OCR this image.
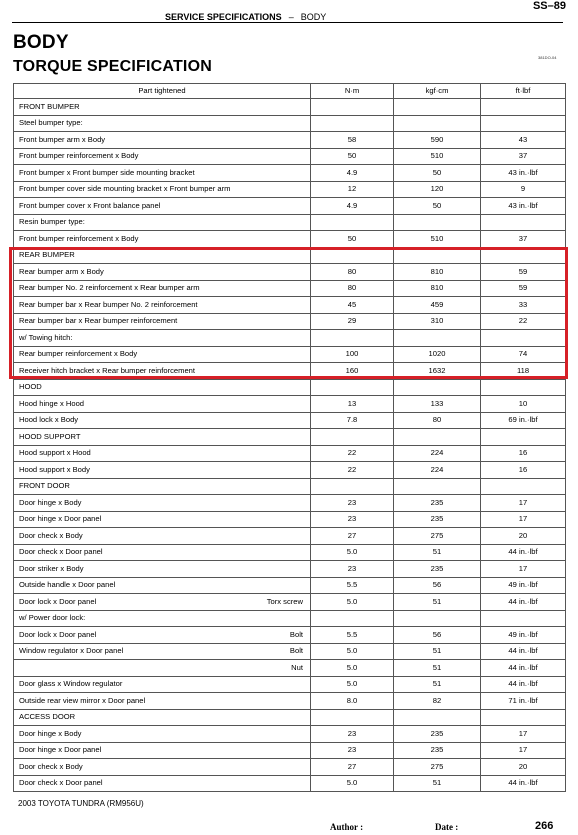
SERVICE SPECIFICATIONS – BODY
SS–89
BODY
TORQUE SPECIFICATION
381DO-04
Part tightened	N·m	kgf·cm	ft·lbf
FRONT BUMPER			
Steel bumper type:			

Front bumper arm x Body	58	590	43

Front bumper reinforcement x Body	50	510	37

Front bumper x Front bumper side mounting bracket	4.9	50	43 in.·lbf

Front bumper cover side mounting bracket x Front bumper arm	12	120	9

Front bumper cover x Front balance panel	4.9	50	43 in.·lbf
Resin bumper type:			

Front bumper reinforcement x Body	50	510	37
REAR BUMPER			

Rear bumper arm x Body	80	810	59

Rear bumper No. 2 reinforcement x Rear bumper arm	80	810	59

Rear bumper bar x Rear bumper No. 2 reinforcement	45	459	33

Rear bumper bar x Rear bumper reinforcement	29	310	22
w/ Towing hitch:			

Rear bumper reinforcement x Body	100	1020	74

Receiver hitch bracket x Rear bumper reinforcement	160	1632	118
HOOD			

Hood hinge x Hood	13	133	10

Hood lock x Body	7.8	80	69 in.·lbf
HOOD SUPPORT			

Hood support x Hood	22	224	16

Hood support x Body	22	224	16
FRONT DOOR			

Door hinge x Body	23	235	17

Door hinge x Door panel	23	235	17

Door check x Body	27	275	20

Door check x Door panel	5.0	51	44 in.·lbf

Door striker x Body	23	235	17

Outside handle x Door panel	5.5	56	49 in.·lbf

Door lock x Door panel Torx screw	5.0	51	44 in.·lbf
w/ Power door lock:			

Door lock x Door panel Bolt	5.5	56	49 in.·lbf

Window regulator x Door panel Bolt	5.0	51	44 in.·lbf

Nut	5.0	51	44 in.·lbf

Door glass x Window regulator	5.0	51	44 in.·lbf

Outside rear view mirror x Door panel	8.0	82	71 in.·lbf
ACCESS DOOR			

Door hinge x Body	23	235	17

Door hinge x Door panel	23	235	17

Door check x Body	27	275	20

Door check x Door panel	5.0	51	44 in.·lbf
2003 TOYOTA TUNDRA (RM956U)
Author :	Date :	266
